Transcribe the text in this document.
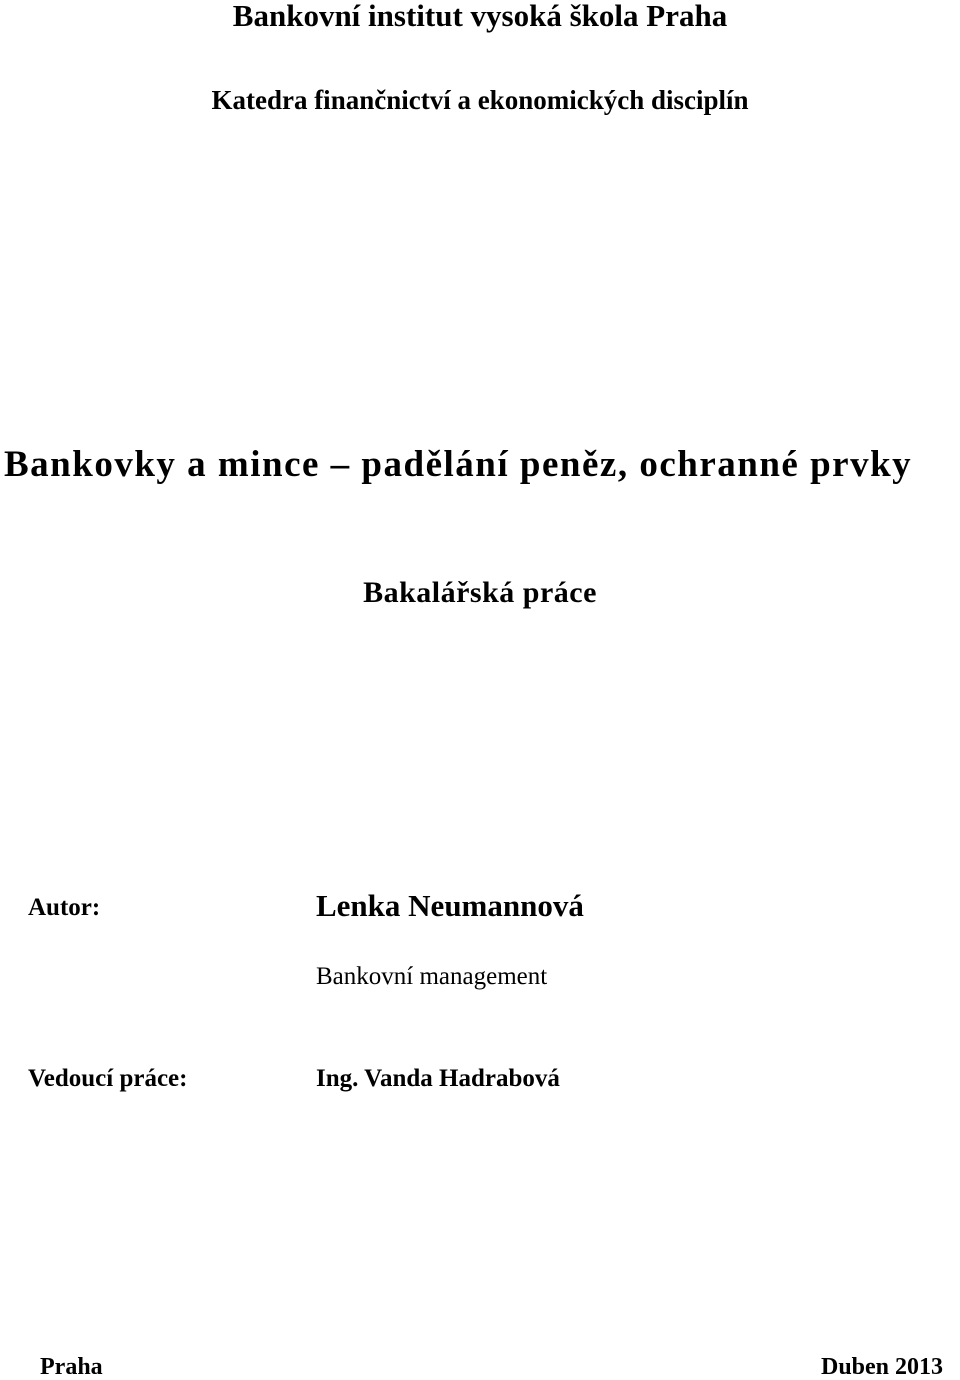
Bankovní institut vysoká škola Praha
Katedra finančnictví a ekonomických disciplín
Bankovky a mince – padělání peněz, ochranné prvky
Bakalářská práce
Autor:	Lenka Neumannová
Bankovní management
Vedoucí práce:	Ing. Vanda Hadrabová
Praha	Duben 2013
